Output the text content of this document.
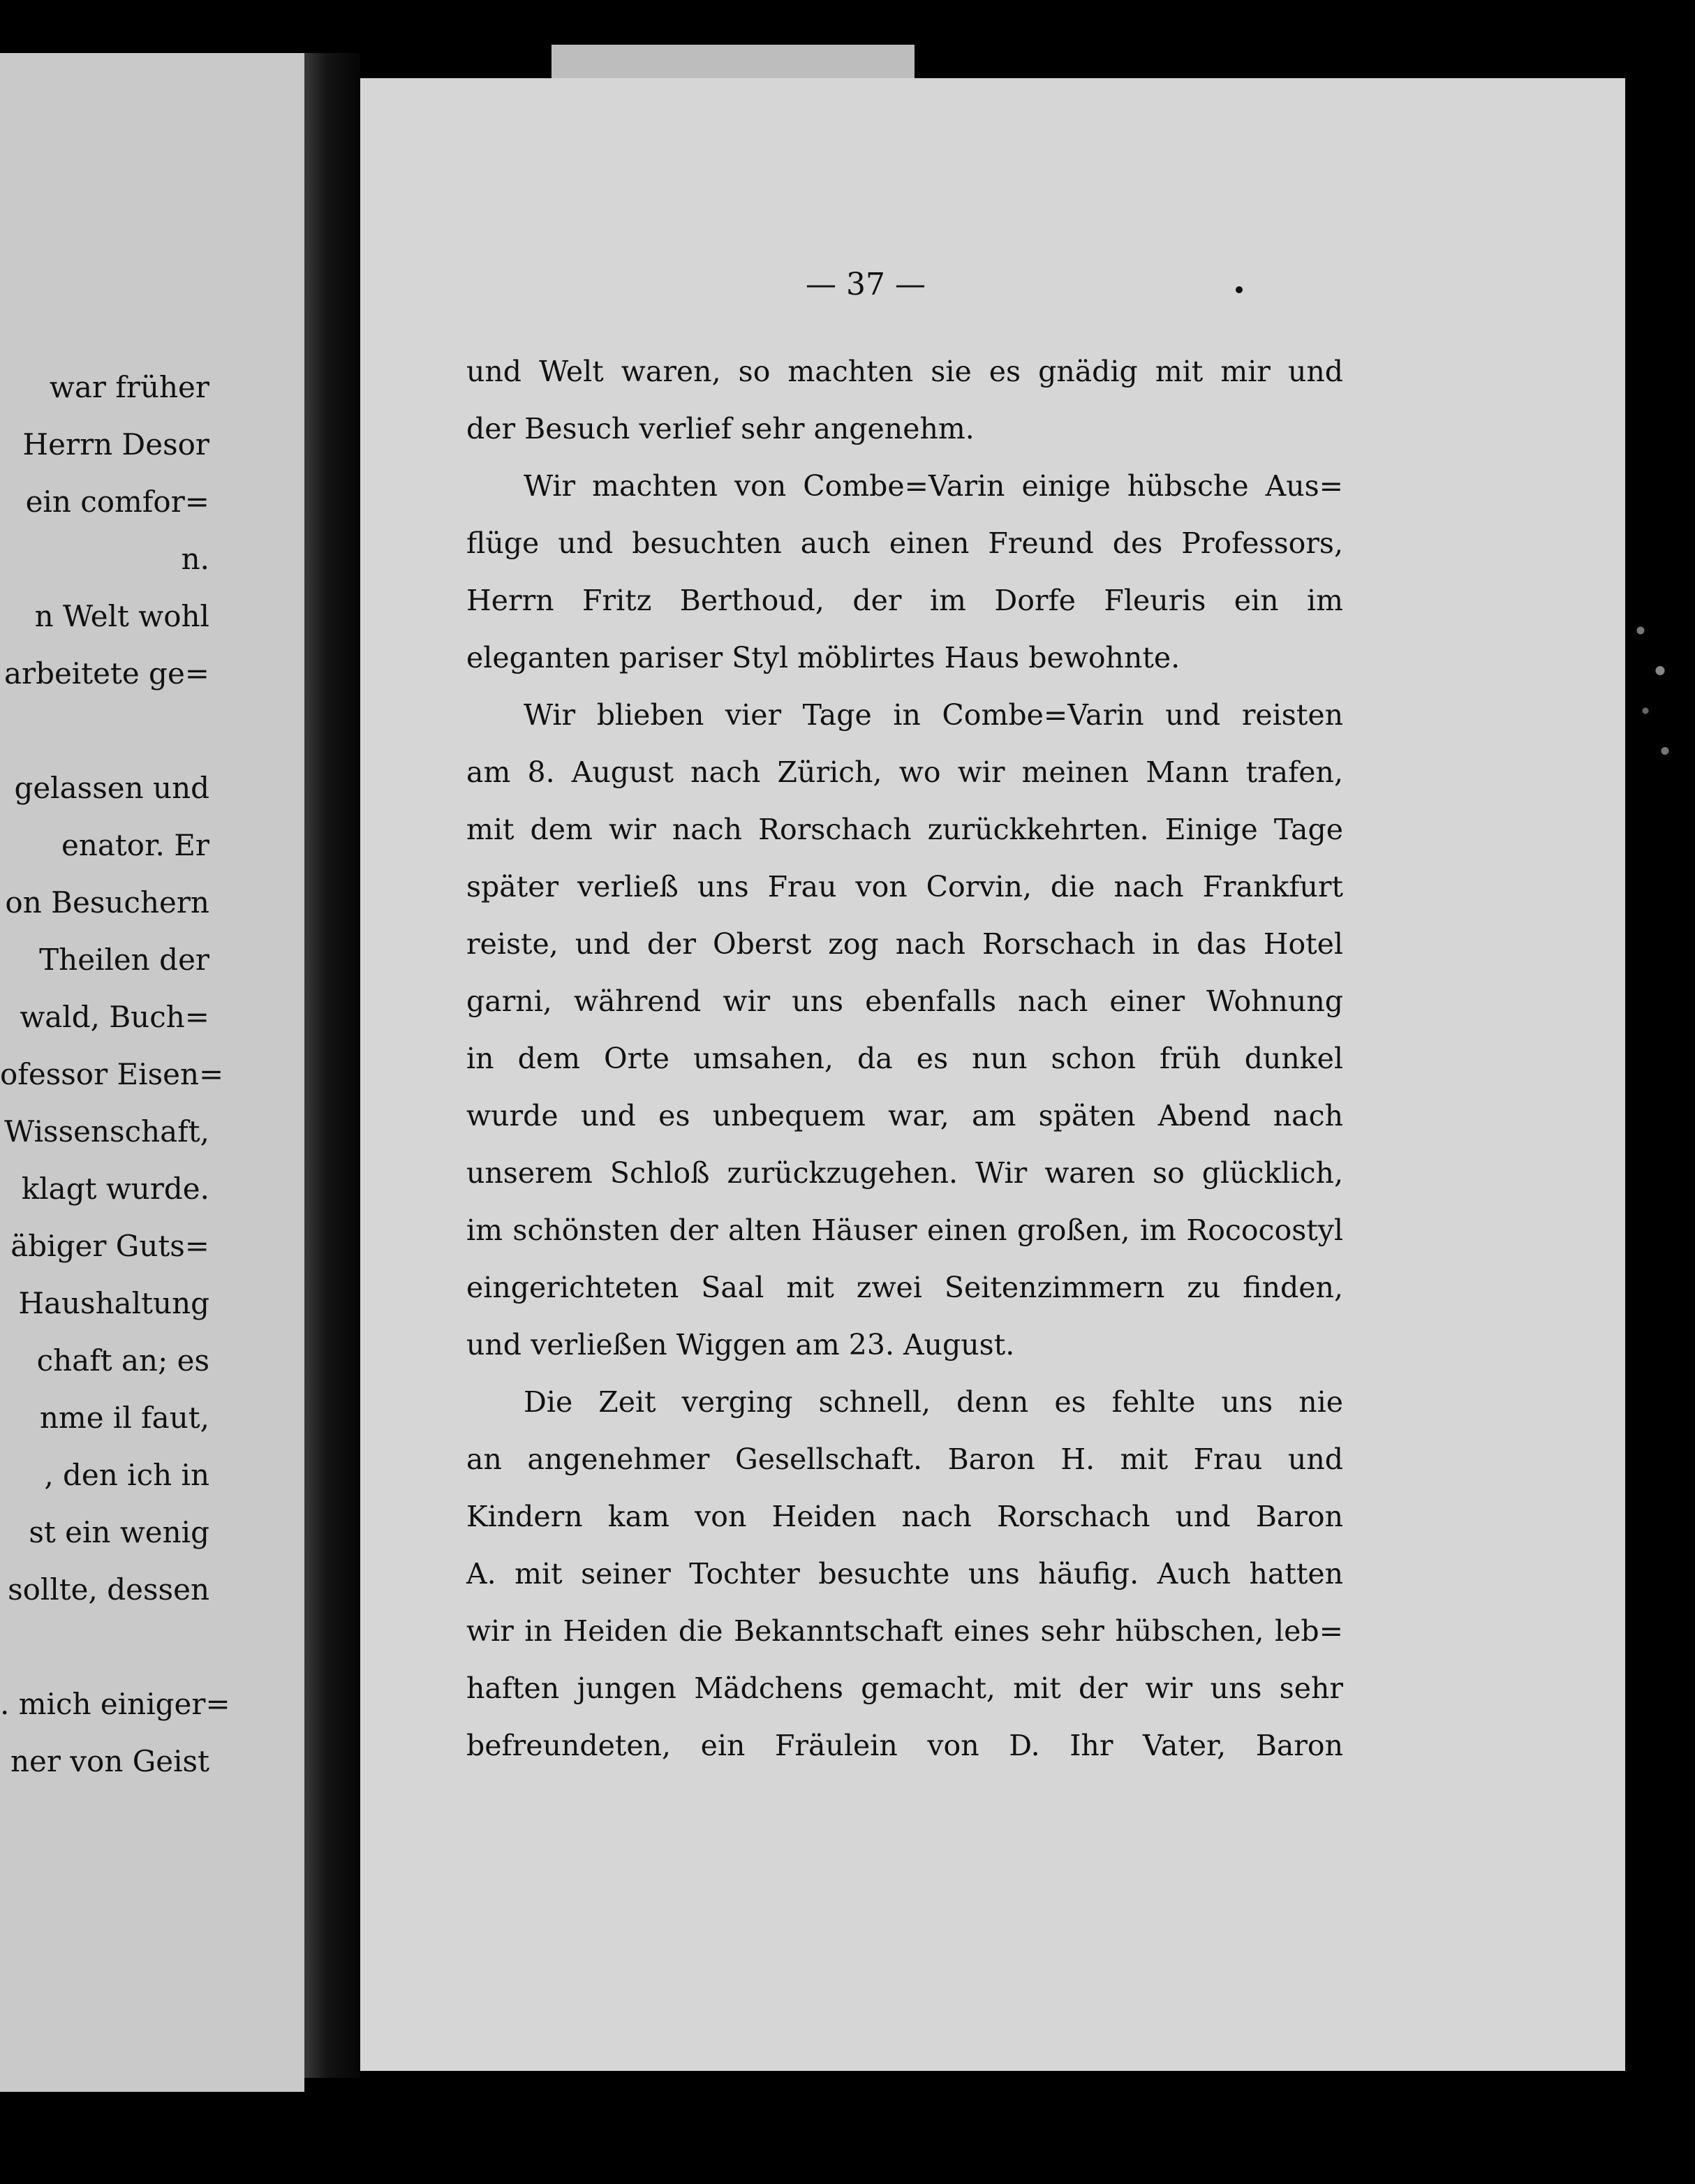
war früher
Herrn Desor
ein comfor=
n.
n Welt wohl
arbeitete ge=
gelassen und
enator. Er
on Besuchern
Theilen der
wald, Buch=
ofessor Eisen=
Wissenschaft,
klagt wurde.
äbiger Guts=
Haushaltung
chaft an; es
nme il faut,
, den ich in
st ein wenig
sollte, dessen
. mich einiger=
ner von Geist
— 37 —
und Welt waren, so machten sie es gnädig mit mir und
der Besuch verlief sehr angenehm.
Wir machten von Combe=Varin einige hübsche Aus=
flüge und besuchten auch einen Freund des Professors,
Herrn Fritz Berthoud, der im Dorfe Fleuris ein im
eleganten pariser Styl möblirtes Haus bewohnte.
Wir blieben vier Tage in Combe=Varin und reisten
am 8. August nach Zürich, wo wir meinen Mann trafen,
mit dem wir nach Rorschach zurückkehrten. Einige Tage
später verließ uns Frau von Corvin, die nach Frankfurt
reiste, und der Oberst zog nach Rorschach in das Hotel
garni, während wir uns ebenfalls nach einer Wohnung
in dem Orte umsahen, da es nun schon früh dunkel
wurde und es unbequem war, am späten Abend nach
unserem Schloß zurückzugehen. Wir waren so glücklich,
im schönsten der alten Häuser einen großen, im Rococostyl
eingerichteten Saal mit zwei Seitenzimmern zu finden,
und verließen Wiggen am 23. August.
Die Zeit verging schnell, denn es fehlte uns nie
an angenehmer Gesellschaft. Baron H. mit Frau und
Kindern kam von Heiden nach Rorschach und Baron
A. mit seiner Tochter besuchte uns häufig. Auch hatten
wir in Heiden die Bekanntschaft eines sehr hübschen, leb=
haften jungen Mädchens gemacht, mit der wir uns sehr
befreundeten, ein Fräulein von D. Ihr Vater, Baron
